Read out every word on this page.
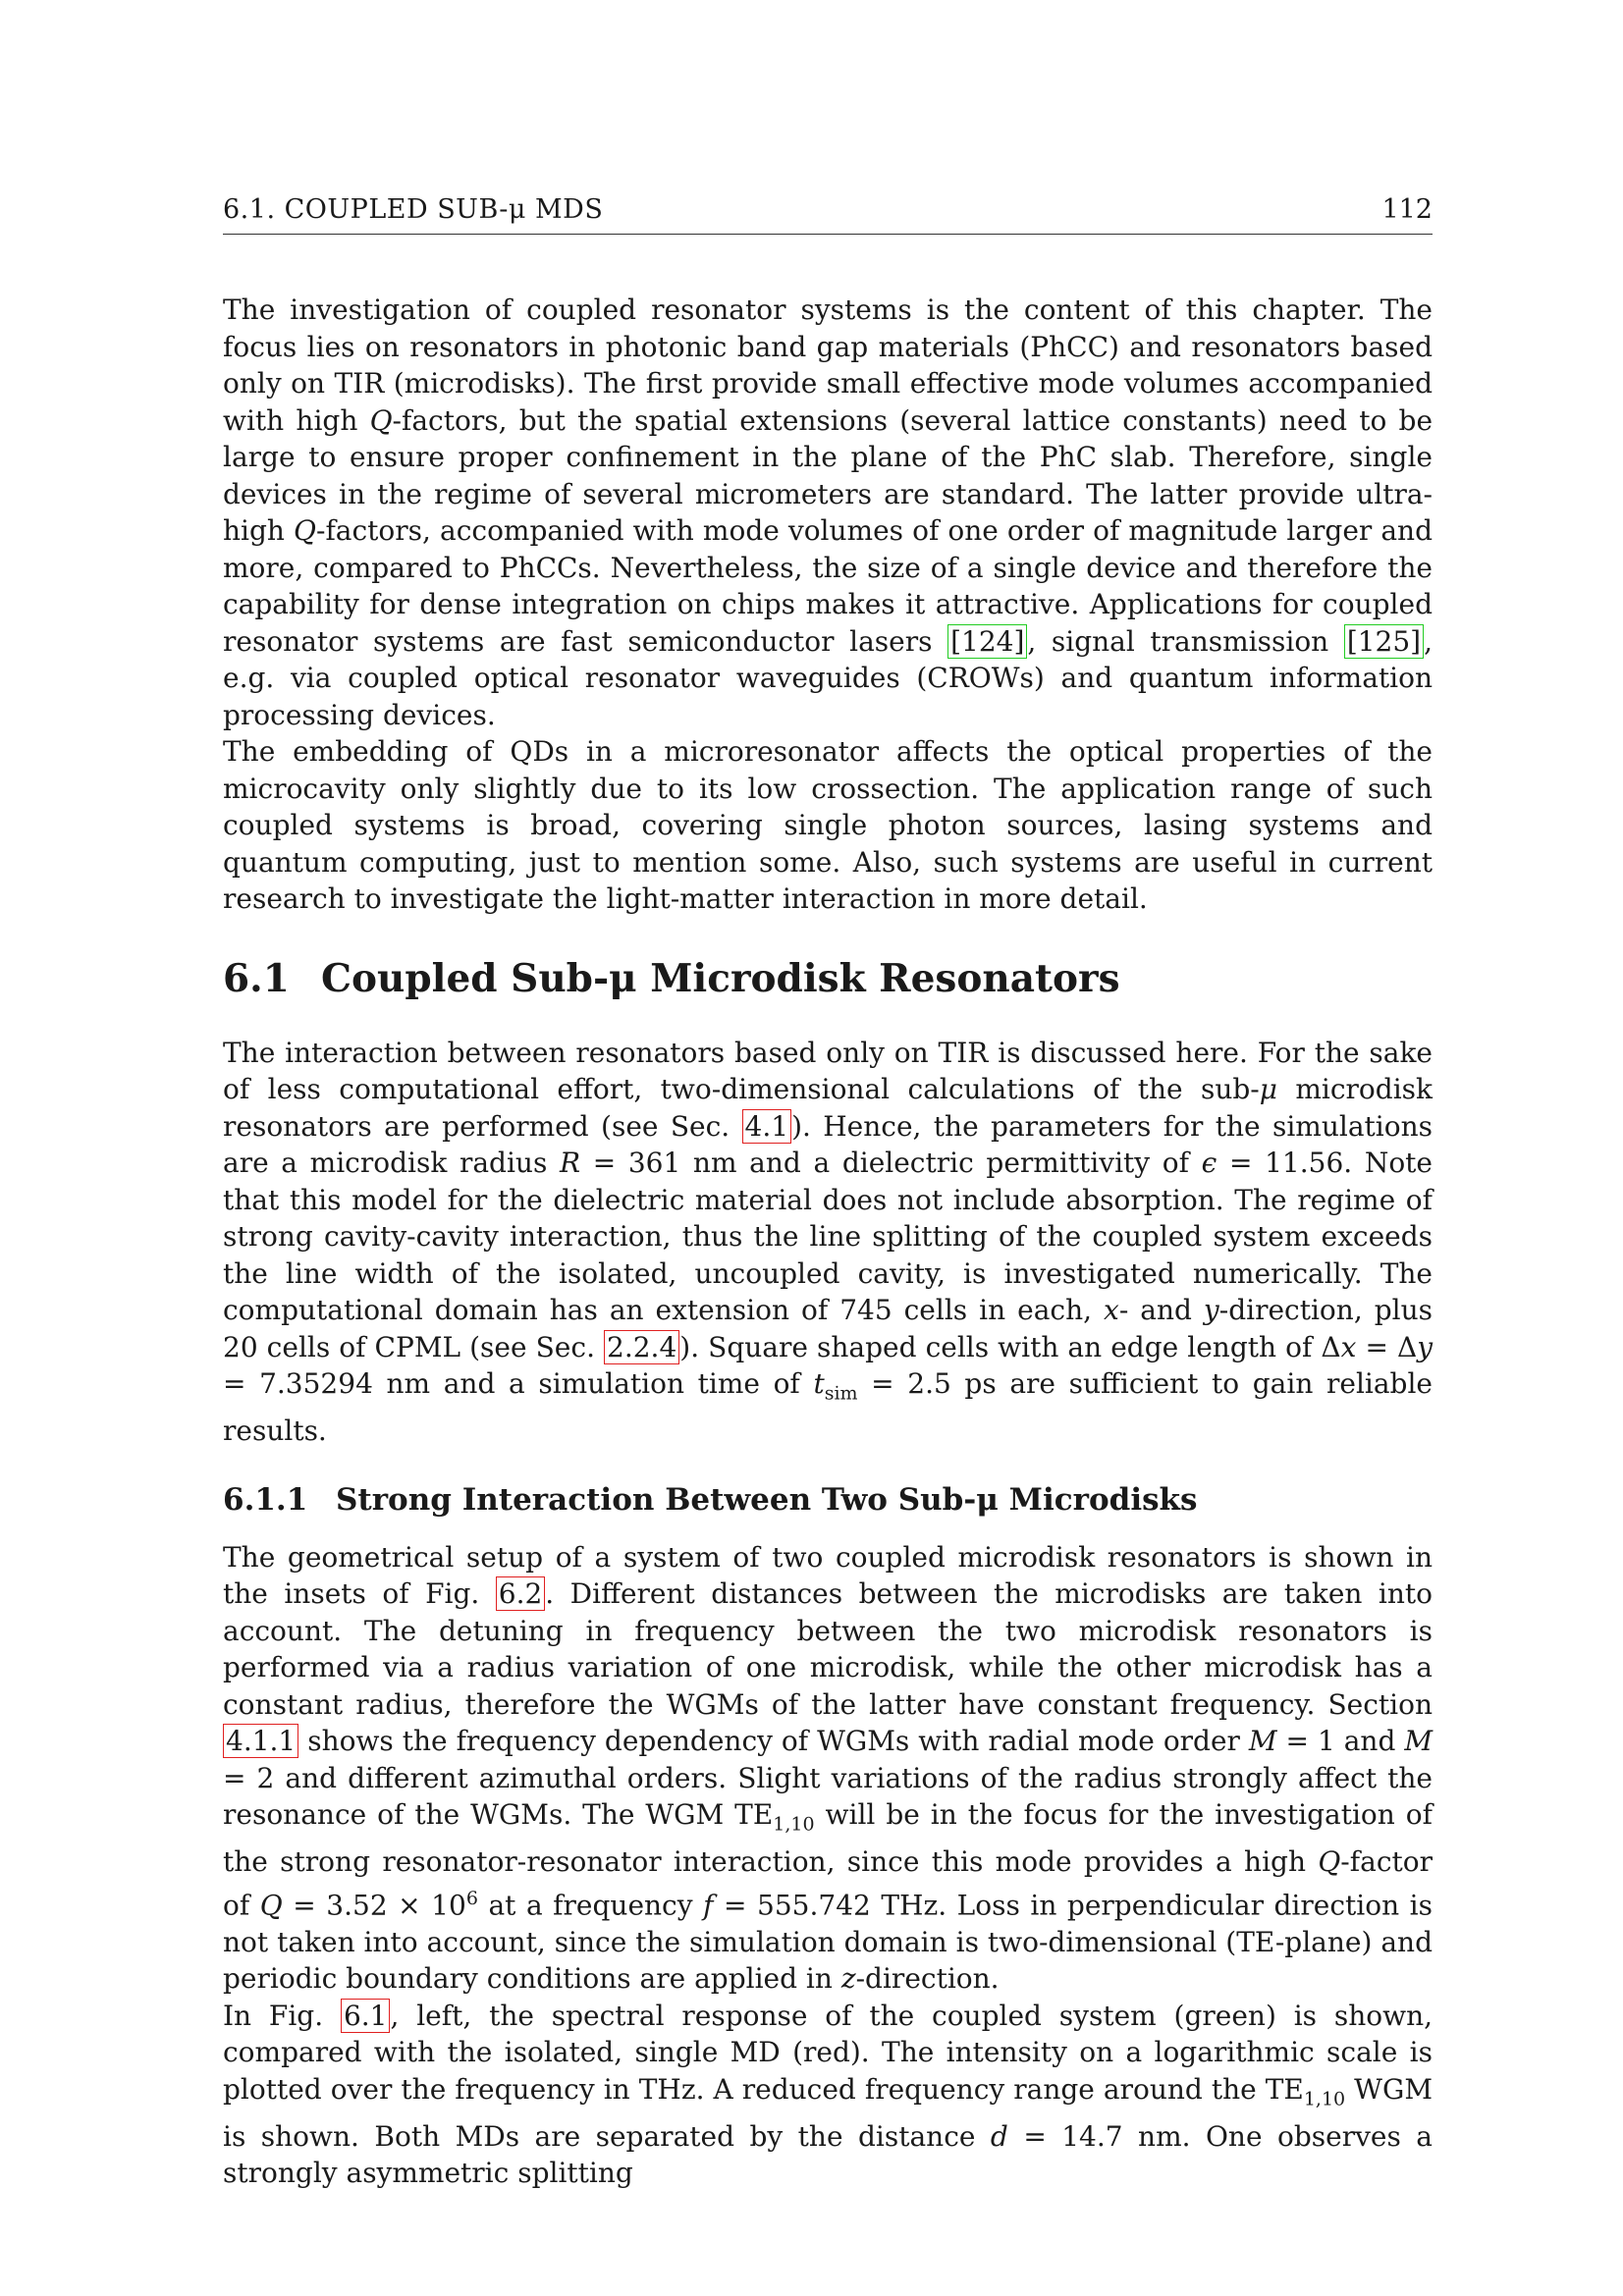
6.1. COUPLED SUB-μ MDS	112

The investigation of coupled resonator systems is the content of this chapter. The focus lies on resonators in photonic band gap materials (PhCC) and resonators based only on TIR (microdisks). The first provide small effective mode volumes accompanied with high Q-factors, but the spatial extensions (several lattice constants) need to be large to ensure proper confinement in the plane of the PhC slab. Therefore, single devices in the regime of several micrometers are standard. The latter provide ultra-high Q-factors, accompanied with mode volumes of one order of magnitude larger and more, compared to PhCCs. Nevertheless, the size of a single device and therefore the capability for dense integration on chips makes it attractive. Applications for coupled resonator systems are fast semiconductor lasers [124] , signal transmission [125] , e.g. via coupled optical resonator waveguides (CROWs) and quantum information processing devices.

The embedding of QDs in a microresonator affects the optical properties of the microcavity only slightly due to its low crossection. The application range of such coupled systems is broad, covering single photon sources, lasing systems and quantum computing, just to mention some. Also, such systems are useful in current research to investigate the light-matter interaction in more detail.

6.1 Coupled Sub-μ Microdisk Resonators

The interaction between resonators based only on TIR is discussed here. For the sake of less computational effort, two-dimensional calculations of the sub-μ microdisk resonators are performed (see Sec. 4.1 ). Hence, the parameters for the simulations are a microdisk radius R = 361 nm and a dielectric permittivity of ϵ = 11.56. Note that this model for the dielectric material does not include absorption. The regime of strong cavity-cavity interaction, thus the line splitting of the coupled system exceeds the line width of the isolated, uncoupled cavity, is investigated numerically. The computational domain has an extension of 745 cells in each, x- and y-direction, plus 20 cells of CPML (see Sec. 2.2.4 ). Square shaped cells with an edge length of Δx = Δy = 7.35294 nm and a simulation time of $t_{sim} = 2.5$ ps are sufficient to gain reliable results.

6.1.1 Strong Interaction Between Two Sub-μ Microdisks

The geometrical setup of a system of two coupled microdisk resonators is shown in the insets of Fig. 6.2 . Different distances between the microdisks are taken into account. The detuning in frequency between the two microdisk resonators is performed via a radius variation of one microdisk, while the other microdisk has a constant radius, therefore the WGMs of the latter have constant frequency. Section 4.1.1 shows the frequency dependency of WGMs with radial mode order M = 1 and M = 2 and different azimuthal orders. Slight variations of the radius strongly affect the resonance of the WGMs. The WGM $TE_{1,10}$ will be in the focus for the investigation of the strong resonator-resonator interaction, since this mode provides a high Q-factor of $Q = 3.52 \times 10^6$ at a frequency f = 555.742 THz. Loss in perpendicular direction is not taken into account, since the simulation domain is two-dimensional (TE-plane) and periodic boundary conditions are applied in z-direction.

In Fig. 6.1 , left, the spectral response of the coupled system (green) is shown, compared with the isolated, single MD (red). The intensity on a logarithmic scale is plotted over the frequency in THz. A reduced frequency range around the $TE_{1,10}$ WGM is shown. Both MDs are separated by the distance d = 14.7 nm. One observes a strongly asymmetric splitting
